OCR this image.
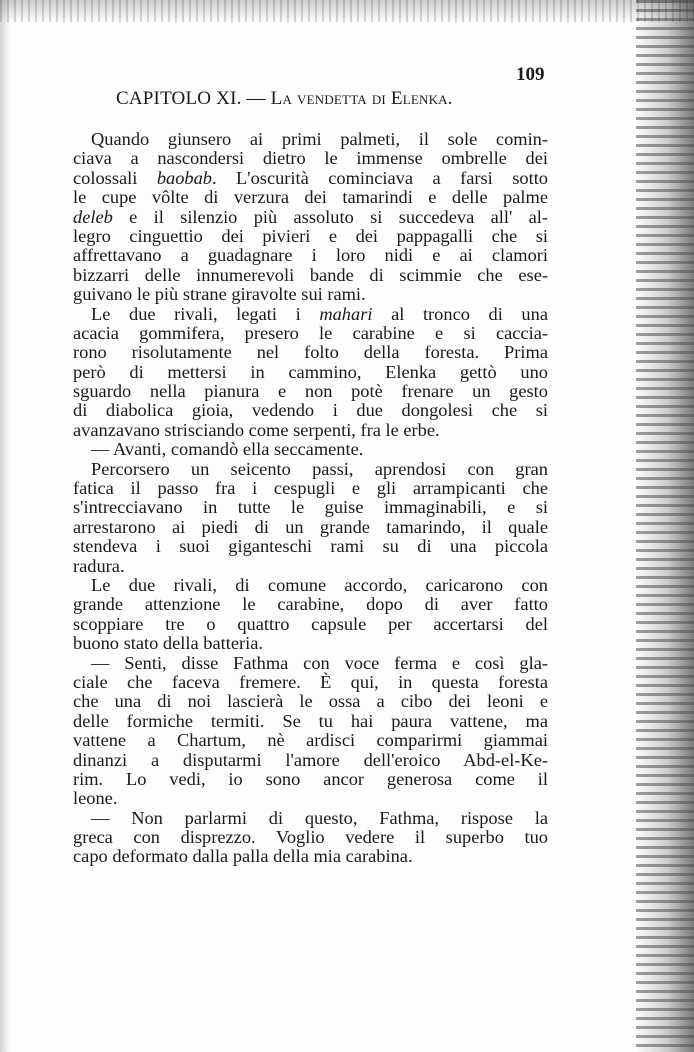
109
CAPITOLO XI. — La vendetta di Elenka.
Quando giunsero ai primi palmeti, il sole comin-
ciava a nascondersi dietro le immense ombrelle dei
colossali baobab. L'oscurità cominciava a farsi sotto
le cupe vôlte di verzura dei tamarindi e delle palme
deleb e il silenzio più assoluto si succedeva all' al-
legro cinguettio dei pivieri e dei pappagalli che si
affrettavano a guadagnare i loro nidi e ai clamori
bizzarri delle innumerevoli bande di scimmie che ese-
guivano le più strane giravolte sui rami.
Le due rivali, legati i mahari al tronco di una
acacia gommifera, presero le carabine e si caccia-
rono risolutamente nel folto della foresta. Prima
però di mettersi in cammino, Elenka gettò uno
sguardo nella pianura e non potè frenare un gesto
di diabolica gioia, vedendo i due dongolesi che si
avanzavano strisciando come serpenti, fra le erbe.
— Avanti, comandò ella seccamente.
Percorsero un seicento passi, aprendosi con gran
fatica il passo fra i cespugli e gli arrampicanti che
s'intrecciavano in tutte le guise immaginabili, e si
arrestarono ai piedi di un grande tamarindo, il quale
stendeva i suoi giganteschi rami su di una piccola
radura.
Le due rivali, di comune accordo, caricarono con
grande attenzione le carabine, dopo di aver fatto
scoppiare tre o quattro capsule per accertarsi del
buono stato della batteria.
— Senti, disse Fathma con voce ferma e così gla-
ciale che faceva fremere. È qui, in questa foresta
che una di noi lascierà le ossa a cibo dei leoni e
delle formiche termiti. Se tu hai paura vattene, ma
vattene a Chartum, nè ardisci comparirmi giammai
dinanzi a disputarmi l'amore dell'eroico Abd-el-Ke-
rim. Lo vedi, io sono ancor generosa come il
leone.
— Non parlarmi di questo, Fathma, rispose la
greca con disprezzo. Voglio vedere il superbo tuo
capo deformato dalla palla della mia carabina.
